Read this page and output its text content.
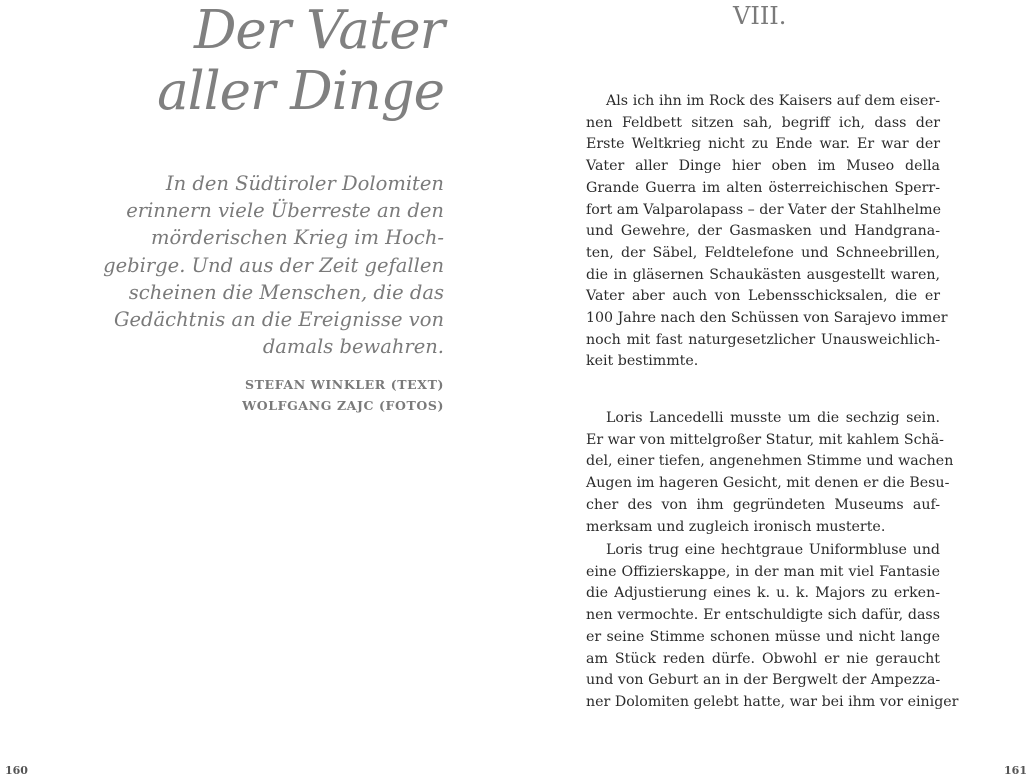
Der Vater
aller Dinge

In den Südtiroler Dolomiten
erinnern viele Überreste an den
mörderischen Krieg im Hoch-
gebirge. Und aus der Zeit gefallen
scheinen die Menschen, die das
Gedächtnis an die Ereignisse von
damals bewahren.

STEFAN WINKLER (TEXT)
WOLFGANG ZAJC (FOTOS)
160
VIII.
Als ich ihn im Rock des Kaisers auf dem eiser-
nen Feldbett sitzen sah, begriff ich, dass der
Erste Weltkrieg nicht zu Ende war. Er war der
Vater aller Dinge hier oben im Museo della
Grande Guerra im alten österreichischen Sperr-
fort am Valparolapass – der Vater der Stahlhelme
und Gewehre, der Gasmasken und Handgrana-
ten, der Säbel, Feldtelefone und Schneebrillen,
die in gläsernen Schaukästen ausgestellt waren,
Vater aber auch von Lebensschicksalen, die er
100 Jahre nach den Schüssen von Sarajevo immer
noch mit fast naturgesetzlicher Unausweichlich-
keit bestimmte.
Loris Lancedelli musste um die sechzig sein.
Er war von mittelgroßer Statur, mit kahlem Schä-
del, einer tiefen, angenehmen Stimme und wachen
Augen im hageren Gesicht, mit denen er die Besu-
cher des von ihm gegründeten Museums auf-
merksam und zugleich ironisch musterte.
Loris trug eine hechtgraue Uniformbluse und
eine Offizierskappe, in der man mit viel Fantasie
die Adjustierung eines k. u. k. Majors zu erken-
nen vermochte. Er entschuldigte sich dafür, dass
er seine Stimme schonen müsse und nicht lange
am Stück reden dürfe. Obwohl er nie geraucht
und von Geburt an in der Bergwelt der Ampezza-
ner Dolomiten gelebt hatte, war bei ihm vor einiger
161
